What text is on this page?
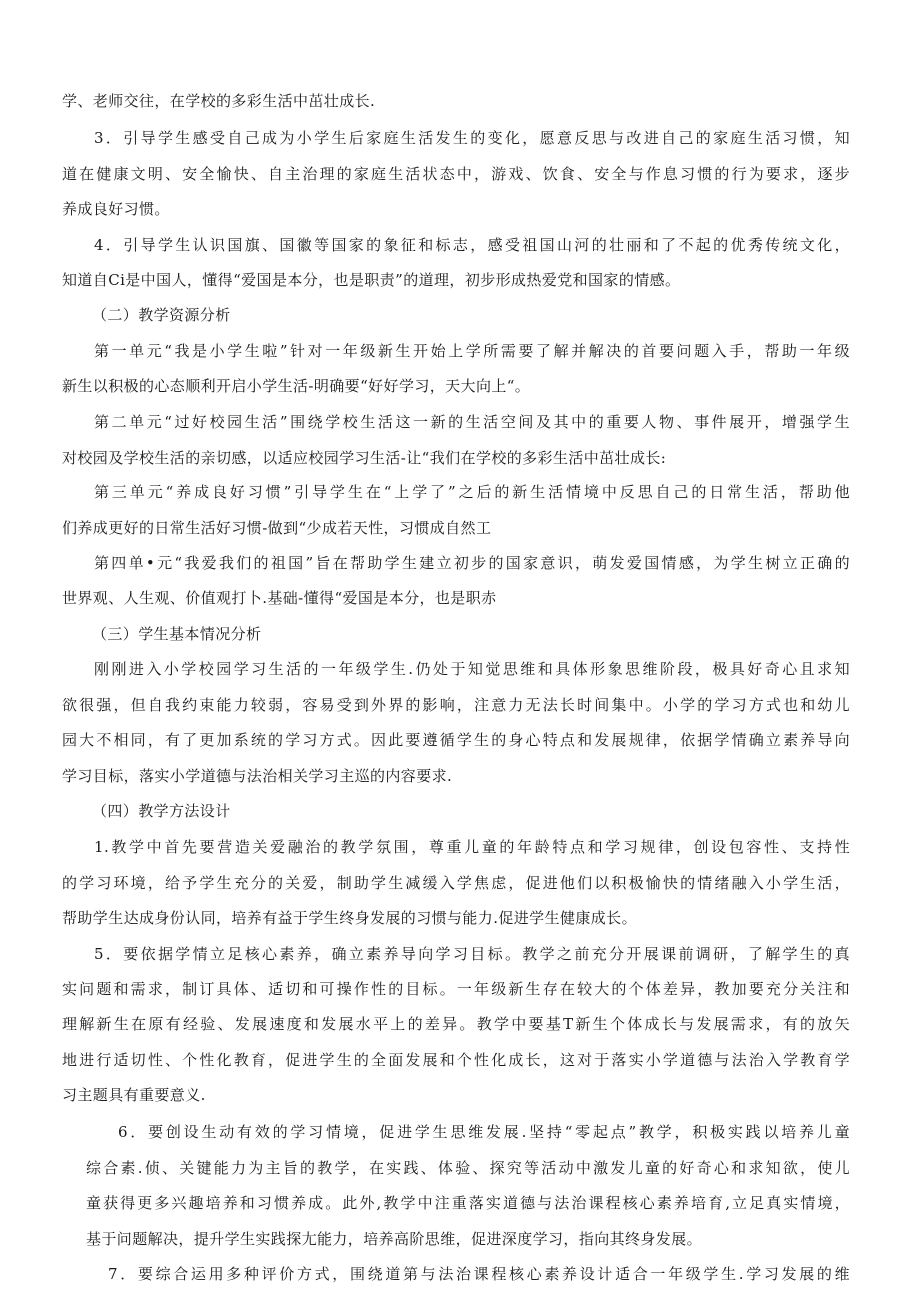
学、老师交往，在学校的多彩生活中茁壮成长.
3．引导学生感受自己成为小学生后家庭生活发生的变化，愿意反思与改进自己的家庭生活习惯，知
道在健康文明、安全愉快、自主治理的家庭生活状态中，游戏、饮食、安全与作息习惯的行为要求，逐步
养成良好习惯。
4．引导学生认识国旗、国徽等国家的象征和标志，感受祖国山河的壮丽和了不起的优秀传统文化，
知道自Ci是中国人，懂得“爱国是本分，也是职责”的道理，初步形成热爱党和国家的情感。
（二）教学资源分析
第一单元“我是小学生啦”针对一年级新生开始上学所需要了解并解决的首要问题入手，帮助一年级
新生以积极的心态顺利开启小学生活-明确要“好好学习，天大向上“。
第二单元“过好校园生活”围绕学校生活这一新的生活空间及其中的重要人物、事件展开，增强学生
对校园及学校生活的亲切感，以适应校园学习生活-让“我们在学校的多彩生活中茁壮成长:
第三单元“养成良好习惯”引导学生在“上学了”之后的新生活情境中反思自己的日常生活，帮助他
们养成更好的日常生活好习惯-做到“少成若天性，习惯成自然工
第四单•元“我爱我们的祖国”旨在帮助学生建立初步的国家意识，萌发爱国情感，为学生树立正确的
世界观、人生观、价值观打卜.基础-懂得“爱国是本分，也是职赤
（三）学生基本情况分析
刚刚进入小学校园学习生活的一年级学生.仍处于知觉思维和具体形象思维阶段，极具好奇心且求知
欲很强，但自我约束能力较弱，容易受到外界的影响，注意力无法长时间集中。小学的学习方式也和幼儿
园大不相同，有了更加系统的学习方式。因此要遵循学生的身心特点和发展规律，依据学情确立素养导向
学习目标，落实小学道德与法治相关学习主巡的内容要求.
（四）教学方法设计
1.教学中首先要营造关爱融治的教学氛围，尊重儿童的年龄特点和学习规律，创设包容性、支持性
的学习环境，给予学生充分的关爱，制助学生减缓入学焦虑，促进他们以积极愉快的情绪融入小学生活，
帮助学生达成身份认同，培养有益于学生终身发展的习惯与能力.促进学生健康成长。
5．要依据学情立足核心素养，确立素养导向学习目标。教学之前充分开展课前调研，了解学生的真
实问题和需求，制订具体、适切和可操作性的目标。一年级新生存在较大的个体差异，教加要充分关注和
理解新生在原有经验、发展速度和发展水平上的差异。教学中要基T新生个体成长与发展需求，有的放矢
地进行适切性、个性化教育，促进学生的全面发展和个性化成长，这对于落实小学道德与法治入学教育学
习主题具有重要意义.
6．要创设生动有效的学习情境，促进学生思维发展.坚持“零起点”教学，积极实践以培养儿童
综合素.侦、关键能力为主旨的教学，在实践、体验、探究等活动中激发儿童的好奇心和求知欲，使儿
童获得更多兴趣培养和习惯养成。此外,教学中注重落实道德与法治课程核心素养培育,立足真实情境，
基于问题解决，提升学生实践探尢能力，培养高阶思维，促进深度学习，指向其终身发展。
7．要综合运用多种评价方式，围绕道第与法治课程核心素养设计适合一年级学生.学习发展的维
